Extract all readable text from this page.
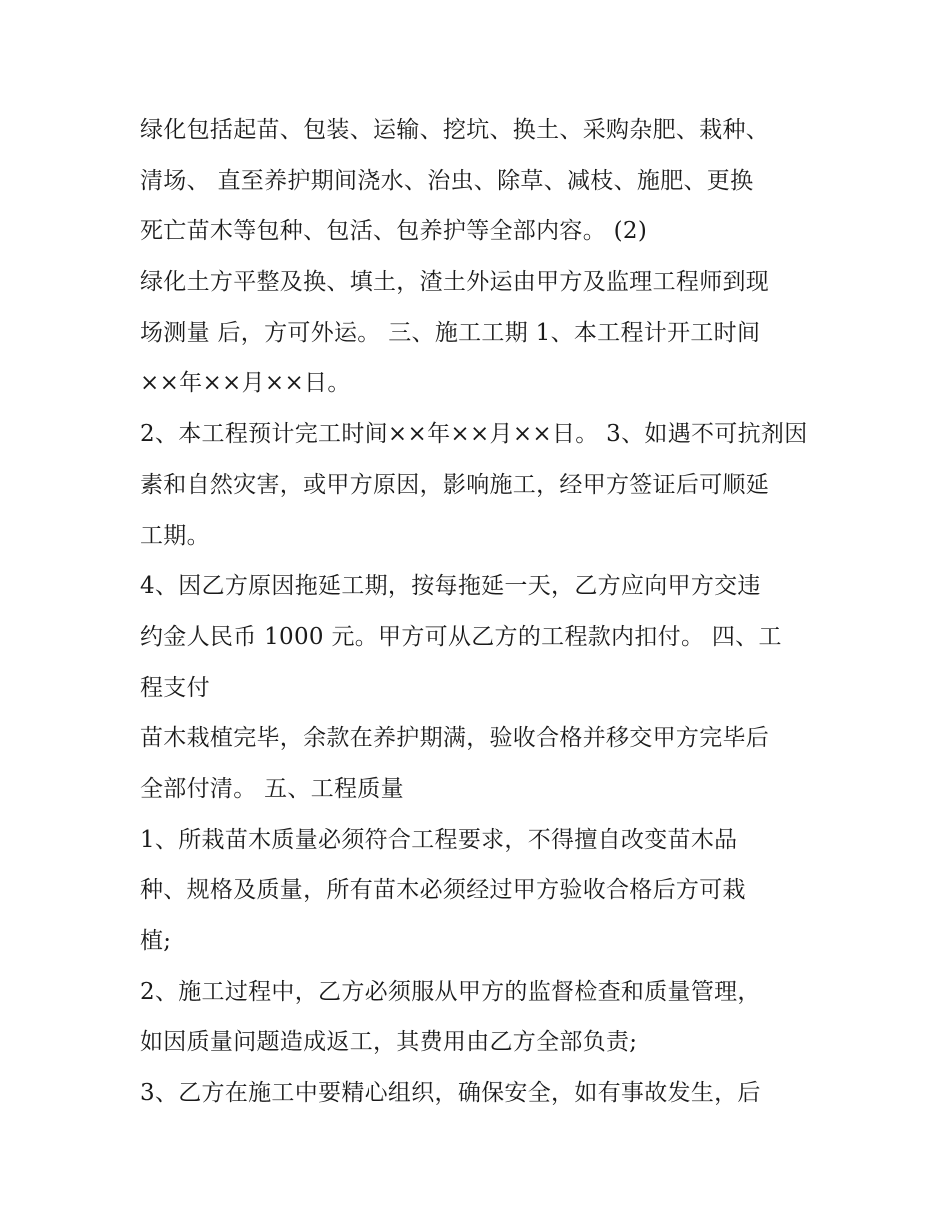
绿化包括起苗、包装、运输、挖坑、换土、采购杂肥、栽种、
清场、 直至养护期间浇水、治虫、除草、减枝、施肥、更换
死亡苗木等包种、包活、包养护等全部内容。 (2)
绿化土方平整及换、填土，渣土外运由甲方及监理工程师到现
场测量 后，方可外运。 三、施工工期 1、本工程计开工时间
××年××月××日。
2、本工程预计完工时间××年××月××日。 3、如遇不可抗剂因
素和自然灾害，或甲方原因，影响施工，经甲方签证后可顺延
工期。
4、因乙方原因拖延工期，按每拖延一天，乙方应向甲方交违
约金人民币 1000 元。甲方可从乙方的工程款内扣付。 四、工
程支付
苗木栽植完毕，余款在养护期满，验收合格并移交甲方完毕后
全部付清。 五、工程质量
1、所栽苗木质量必须符合工程要求，不得擅自改变苗木品
种、规格及质量，所有苗木必须经过甲方验收合格后方可栽
植;
2、施工过程中，乙方必须服从甲方的监督检查和质量管理，
如因质量问题造成返工，其费用由乙方全部负责;
3、乙方在施工中要精心组织，确保安全，如有事故发生，后
